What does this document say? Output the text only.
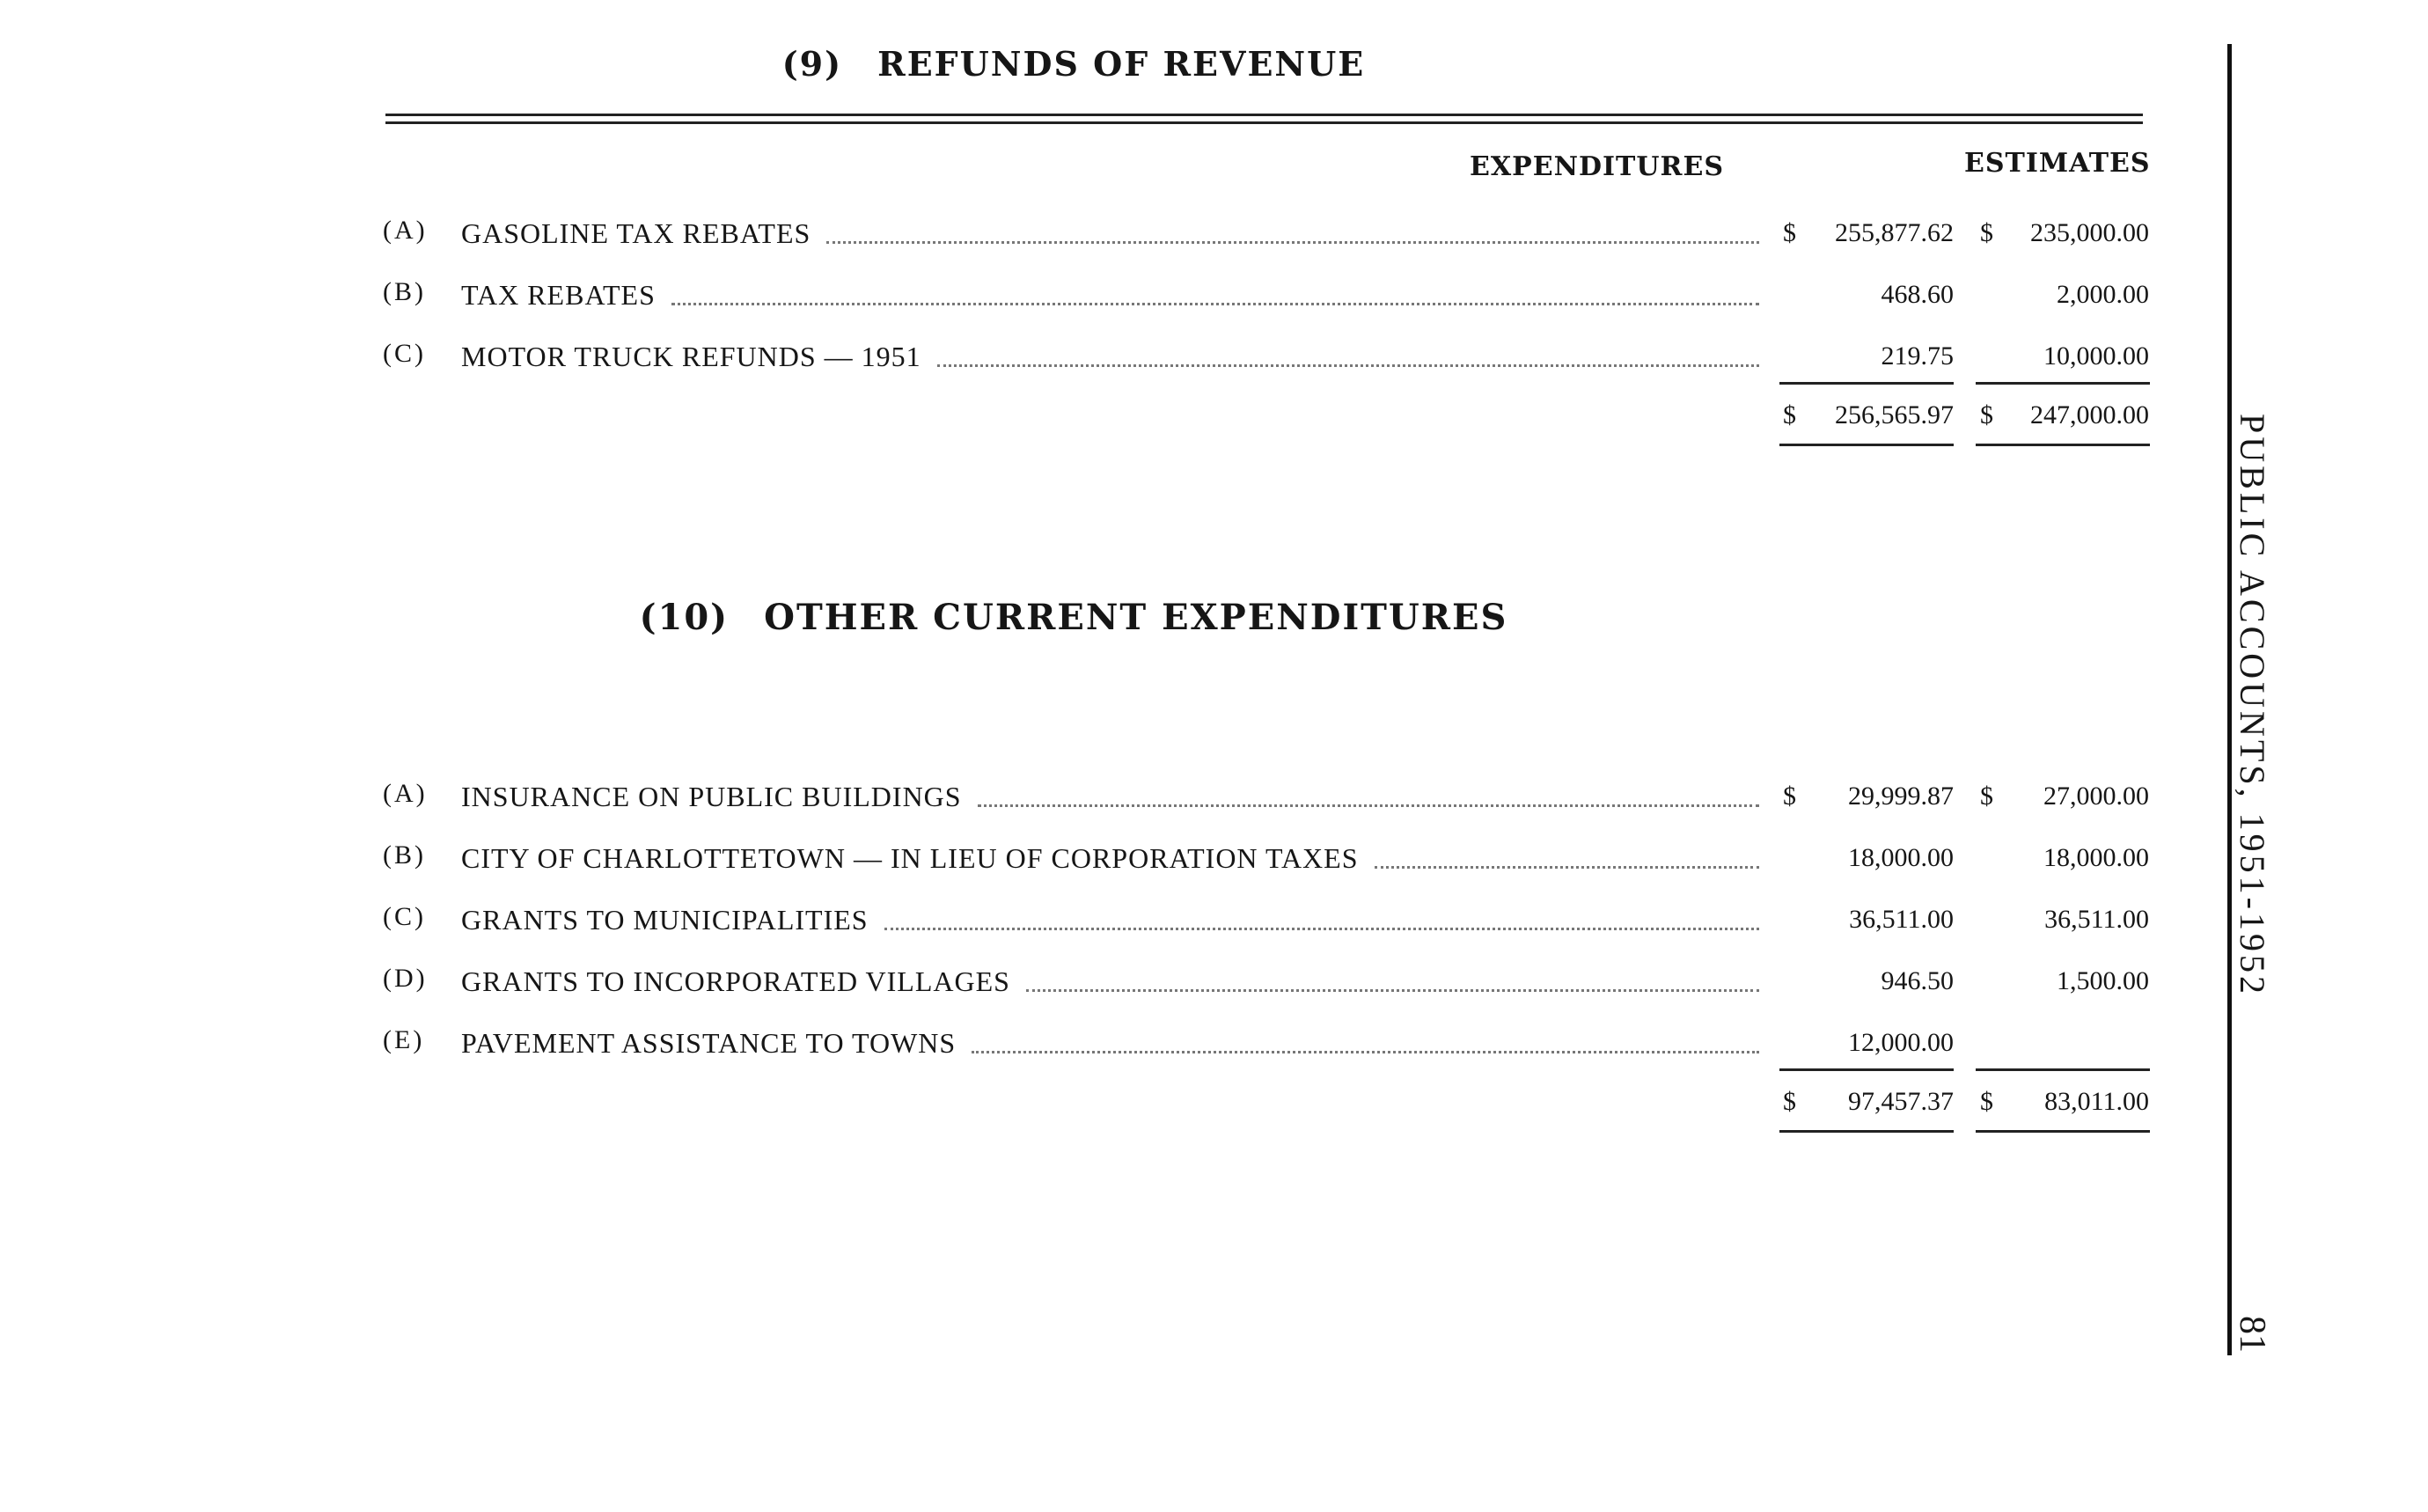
(9) REFUNDS OF REVENUE
EXPENDITURES	ESTIMATES
(A) GASOLINE TAX REBATES	$ 255,877.62 $ 235,000.00
(B) TAX REBATES	468.60	2,000.00
(C) MOTOR TRUCK REFUNDS — 1951	219.75	10,000.00
$ 256,565.97 $ 247,000.00
(10) OTHER CURRENT EXPENDITURES
(A) INSURANCE ON PUBLIC BUILDINGS	$ 29,999.87 $ 27,000.00
(B) CITY OF CHARLOTTETOWN — IN LIEU OF CORPORATION TAXES	18,000.00	18,000.00
(C) GRANTS TO MUNICIPALITIES	36,511.00	36,511.00
(D) GRANTS TO INCORPORATED VILLAGES	946.50	1,500.00
(E) PAVEMENT ASSISTANCE TO TOWNS	12,000.00
$ 97,457.37 $ 83,011.00
PUBLIC ACCOUNTS, 1951-1952
81
